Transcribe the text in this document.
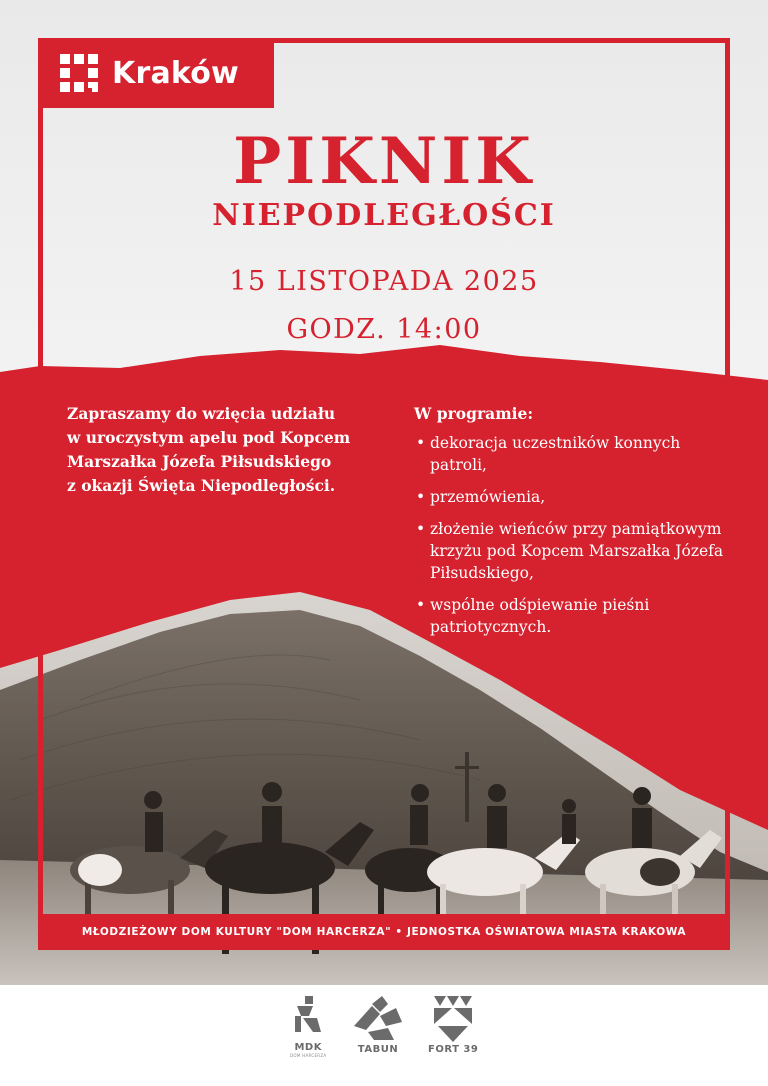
Kraków
PIKNIK
NIEPODLEGŁOŚCI
15 LISTOPADA 2025
GODZ. 14:00
Zapraszamy do wzięcia udziału
w uroczystym apelu pod Kopcem
Marszałka Józefa Piłsudskiego
z okazji Święta Niepodległości.
W programie:
• dekoracja uczestników konnych patroli,
• przemówienia,
• złożenie wieńców przy pamiątkowym krzyżu pod Kopcem Marszałka Józefa Piłsudskiego,
• wspólne odśpiewanie pieśni patriotycznych.
MŁODZIEŻOWY DOM KULTURY "DOM HARCERZA" • JEDNOSTKA OŚWIATOWA MIASTA KRAKOWA
MDK
DOM HARCERZA
TABUN	FORT 39
